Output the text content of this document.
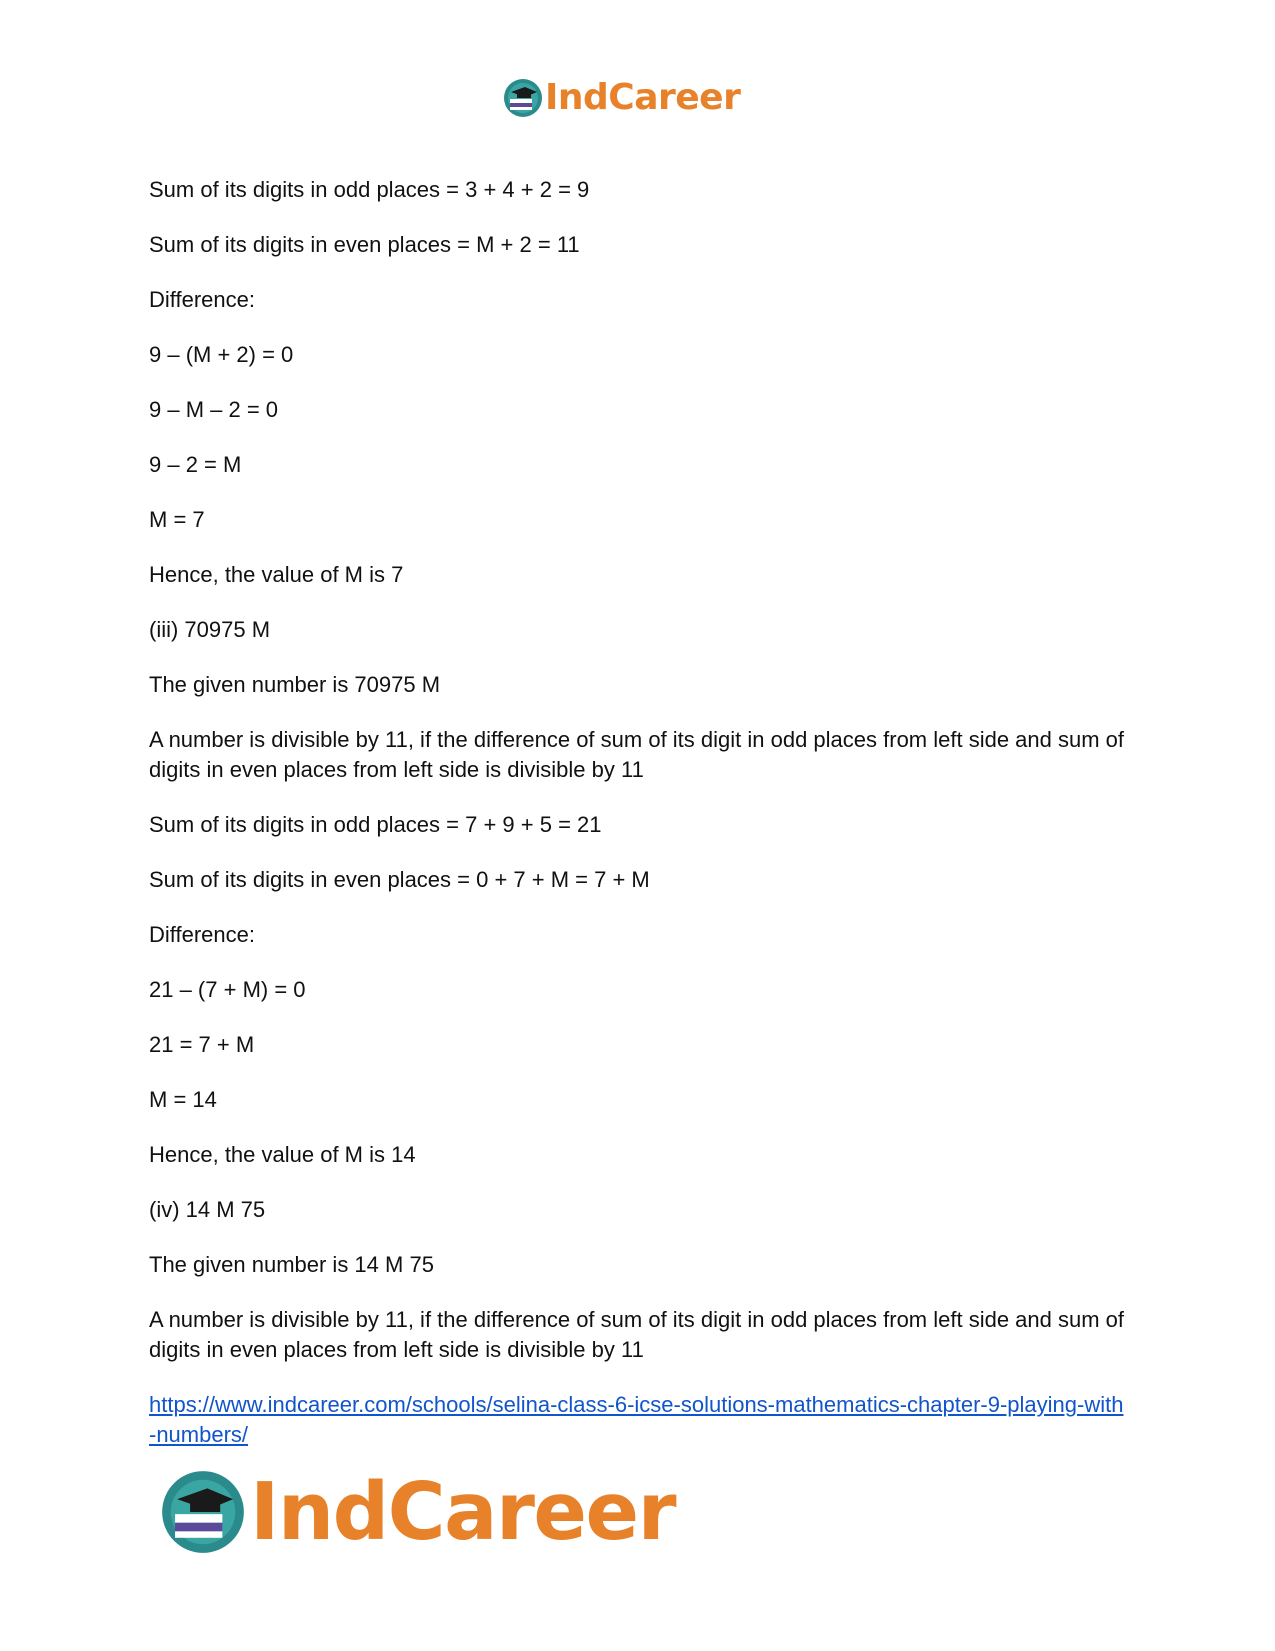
IndCareer

Sum of its digits in odd places = 3 + 4 + 2 = 9

Sum of its digits in even places = M + 2 = 11

Difference:

9 – (M + 2) = 0

9 – M – 2 = 0

9 – 2 = M

M = 7

Hence, the value of M is 7

(iii) 70975 M

The given number is 70975 M

A number is divisible by 11, if the difference of sum of its digit in odd places from left side and sum of digits in even places from left side is divisible by 11

Sum of its digits in odd places = 7 + 9 + 5 = 21

Sum of its digits in even places = 0 + 7 + M = 7 + M

Difference:

21 – (7 + M) = 0

21 = 7 + M

M = 14

Hence, the value of M is 14

(iv) 14 M 75

The given number is 14 M 75

A number is divisible by 11, if the difference of sum of its digit in odd places from left side and sum of digits in even places from left side is divisible by 11

https://www.indcareer.com/schools/selina-class-6-icse-solutions-mathematics-chapter-9-playing-with-numbers/
IndCareer
